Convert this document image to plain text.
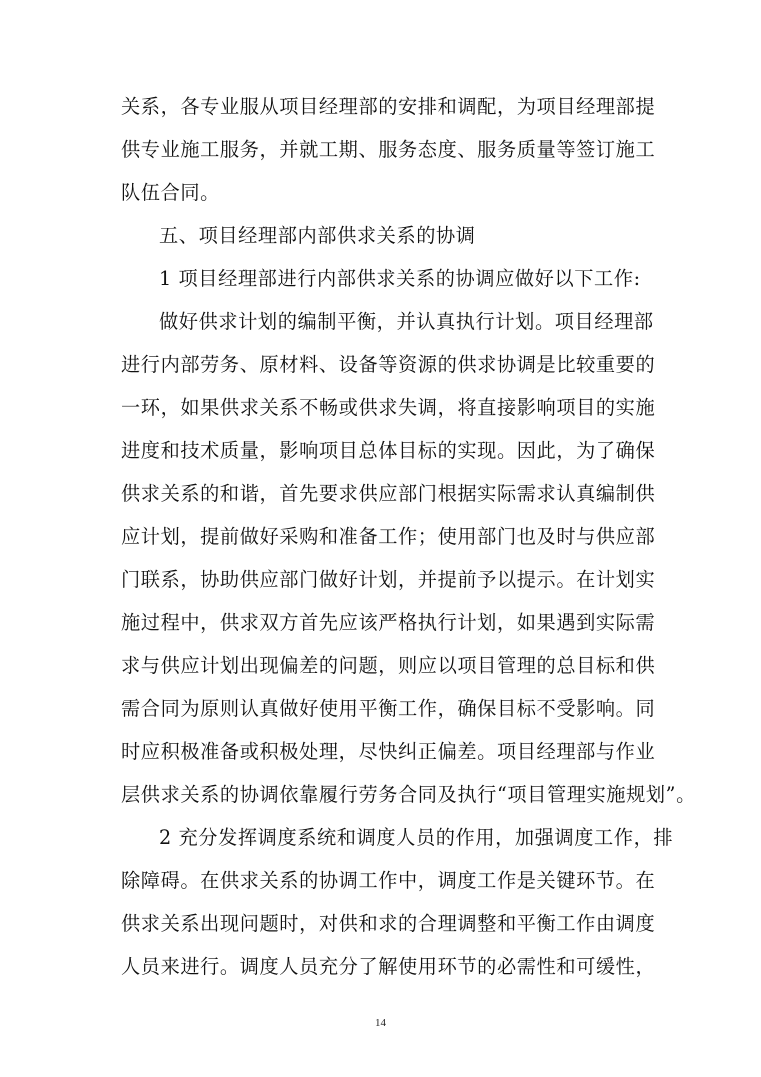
关系，各专业服从项目经理部的安排和调配，为项目经理部提
供专业施工服务，并就工期、服务态度、服务质量等签订施工
队伍合同。
五、项目经理部内部供求关系的协调
1 项目经理部进行内部供求关系的协调应做好以下工作:
做好供求计划的编制平衡，并认真执行计划。项目经理部
进行内部劳务、原材料、设备等资源的供求协调是比较重要的
一环，如果供求关系不畅或供求失调，将直接影响项目的实施
进度和技术质量，影响项目总体目标的实现。因此，为了确保
供求关系的和谐，首先要求供应部门根据实际需求认真编制供
应计划，提前做好采购和准备工作；使用部门也及时与供应部
门联系，协助供应部门做好计划，并提前予以提示。在计划实
施过程中，供求双方首先应该严格执行计划，如果遇到实际需
求与供应计划出现偏差的问题，则应以项目管理的总目标和供
需合同为原则认真做好使用平衡工作，确保目标不受影响。同
时应积极准备或积极处理，尽快纠正偏差。项目经理部与作业
层供求关系的协调依靠履行劳务合同及执行“项目管理实施规划”。
2 充分发挥调度系统和调度人员的作用，加强调度工作，排
除障碍。在供求关系的协调工作中，调度工作是关键环节。在
供求关系出现问题时，对供和求的合理调整和平衡工作由调度
人员来进行。调度人员充分了解使用环节的必需性和可缓性，
14
